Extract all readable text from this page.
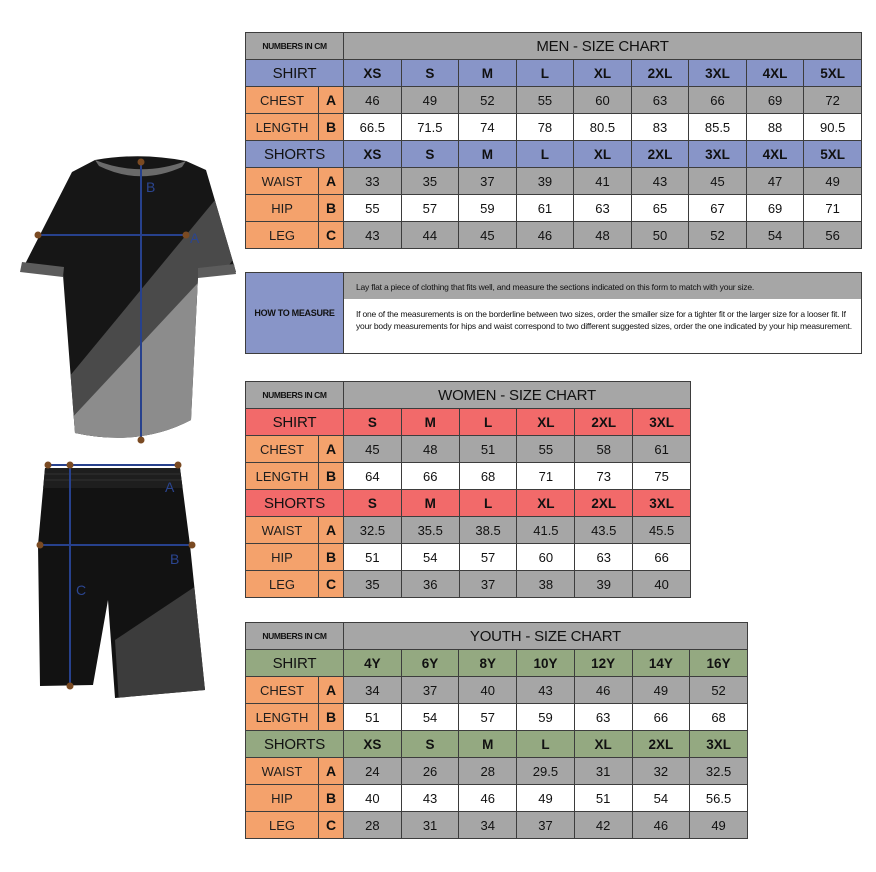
A
B
A
B
C
NUMBERS IN CM		MEN - SIZE CHART								
SHIRT		XS	S	M	L	XL	2XL	3XL	4XL	5XL
CHEST	A	46	49	52	55	60	63	66	69	72
LENGTH	B	66.5	71.5	74	78	80.5	83	85.5	88	90.5
SHORTS		XS	S	M	L	XL	2XL	3XL	4XL	5XL
WAIST	A	33	35	37	39	41	43	45	47	49
HIP	B	55	57	59	61	63	65	67	69	71
LEG	C	43	44	45	46	48	50	52	54	56
HOW TO MEASURE
Lay flat a piece of clothing that fits well, and measure the sections indicated on this form to match with your size.
If one of the measurements is on the borderline between two sizes, order the smaller size for a tighter fit or the larger size for a looser fit. If your body measurements for hips and waist correspond to two different suggested sizes, order the one indicated by your hip measurement.
NUMBERS IN CM		WOMEN - SIZE CHART					
SHIRT		S	M	L	XL	2XL	3XL
CHEST	A	45	48	51	55	58	61
LENGTH	B	64	66	68	71	73	75
SHORTS		S	M	L	XL	2XL	3XL
WAIST	A	32.5	35.5	38.5	41.5	43.5	45.5
HIP	B	51	54	57	60	63	66
LEG	C	35	36	37	38	39	40
NUMBERS IN CM		YOUTH - SIZE CHART						
SHIRT		4Y	6Y	8Y	10Y	12Y	14Y	16Y
CHEST	A	34	37	40	43	46	49	52
LENGTH	B	51	54	57	59	63	66	68
SHORTS		XS	S	M	L	XL	2XL	3XL
WAIST	A	24	26	28	29.5	31	32	32.5
HIP	B	40	43	46	49	51	54	56.5
LEG	C	28	31	34	37	42	46	49
